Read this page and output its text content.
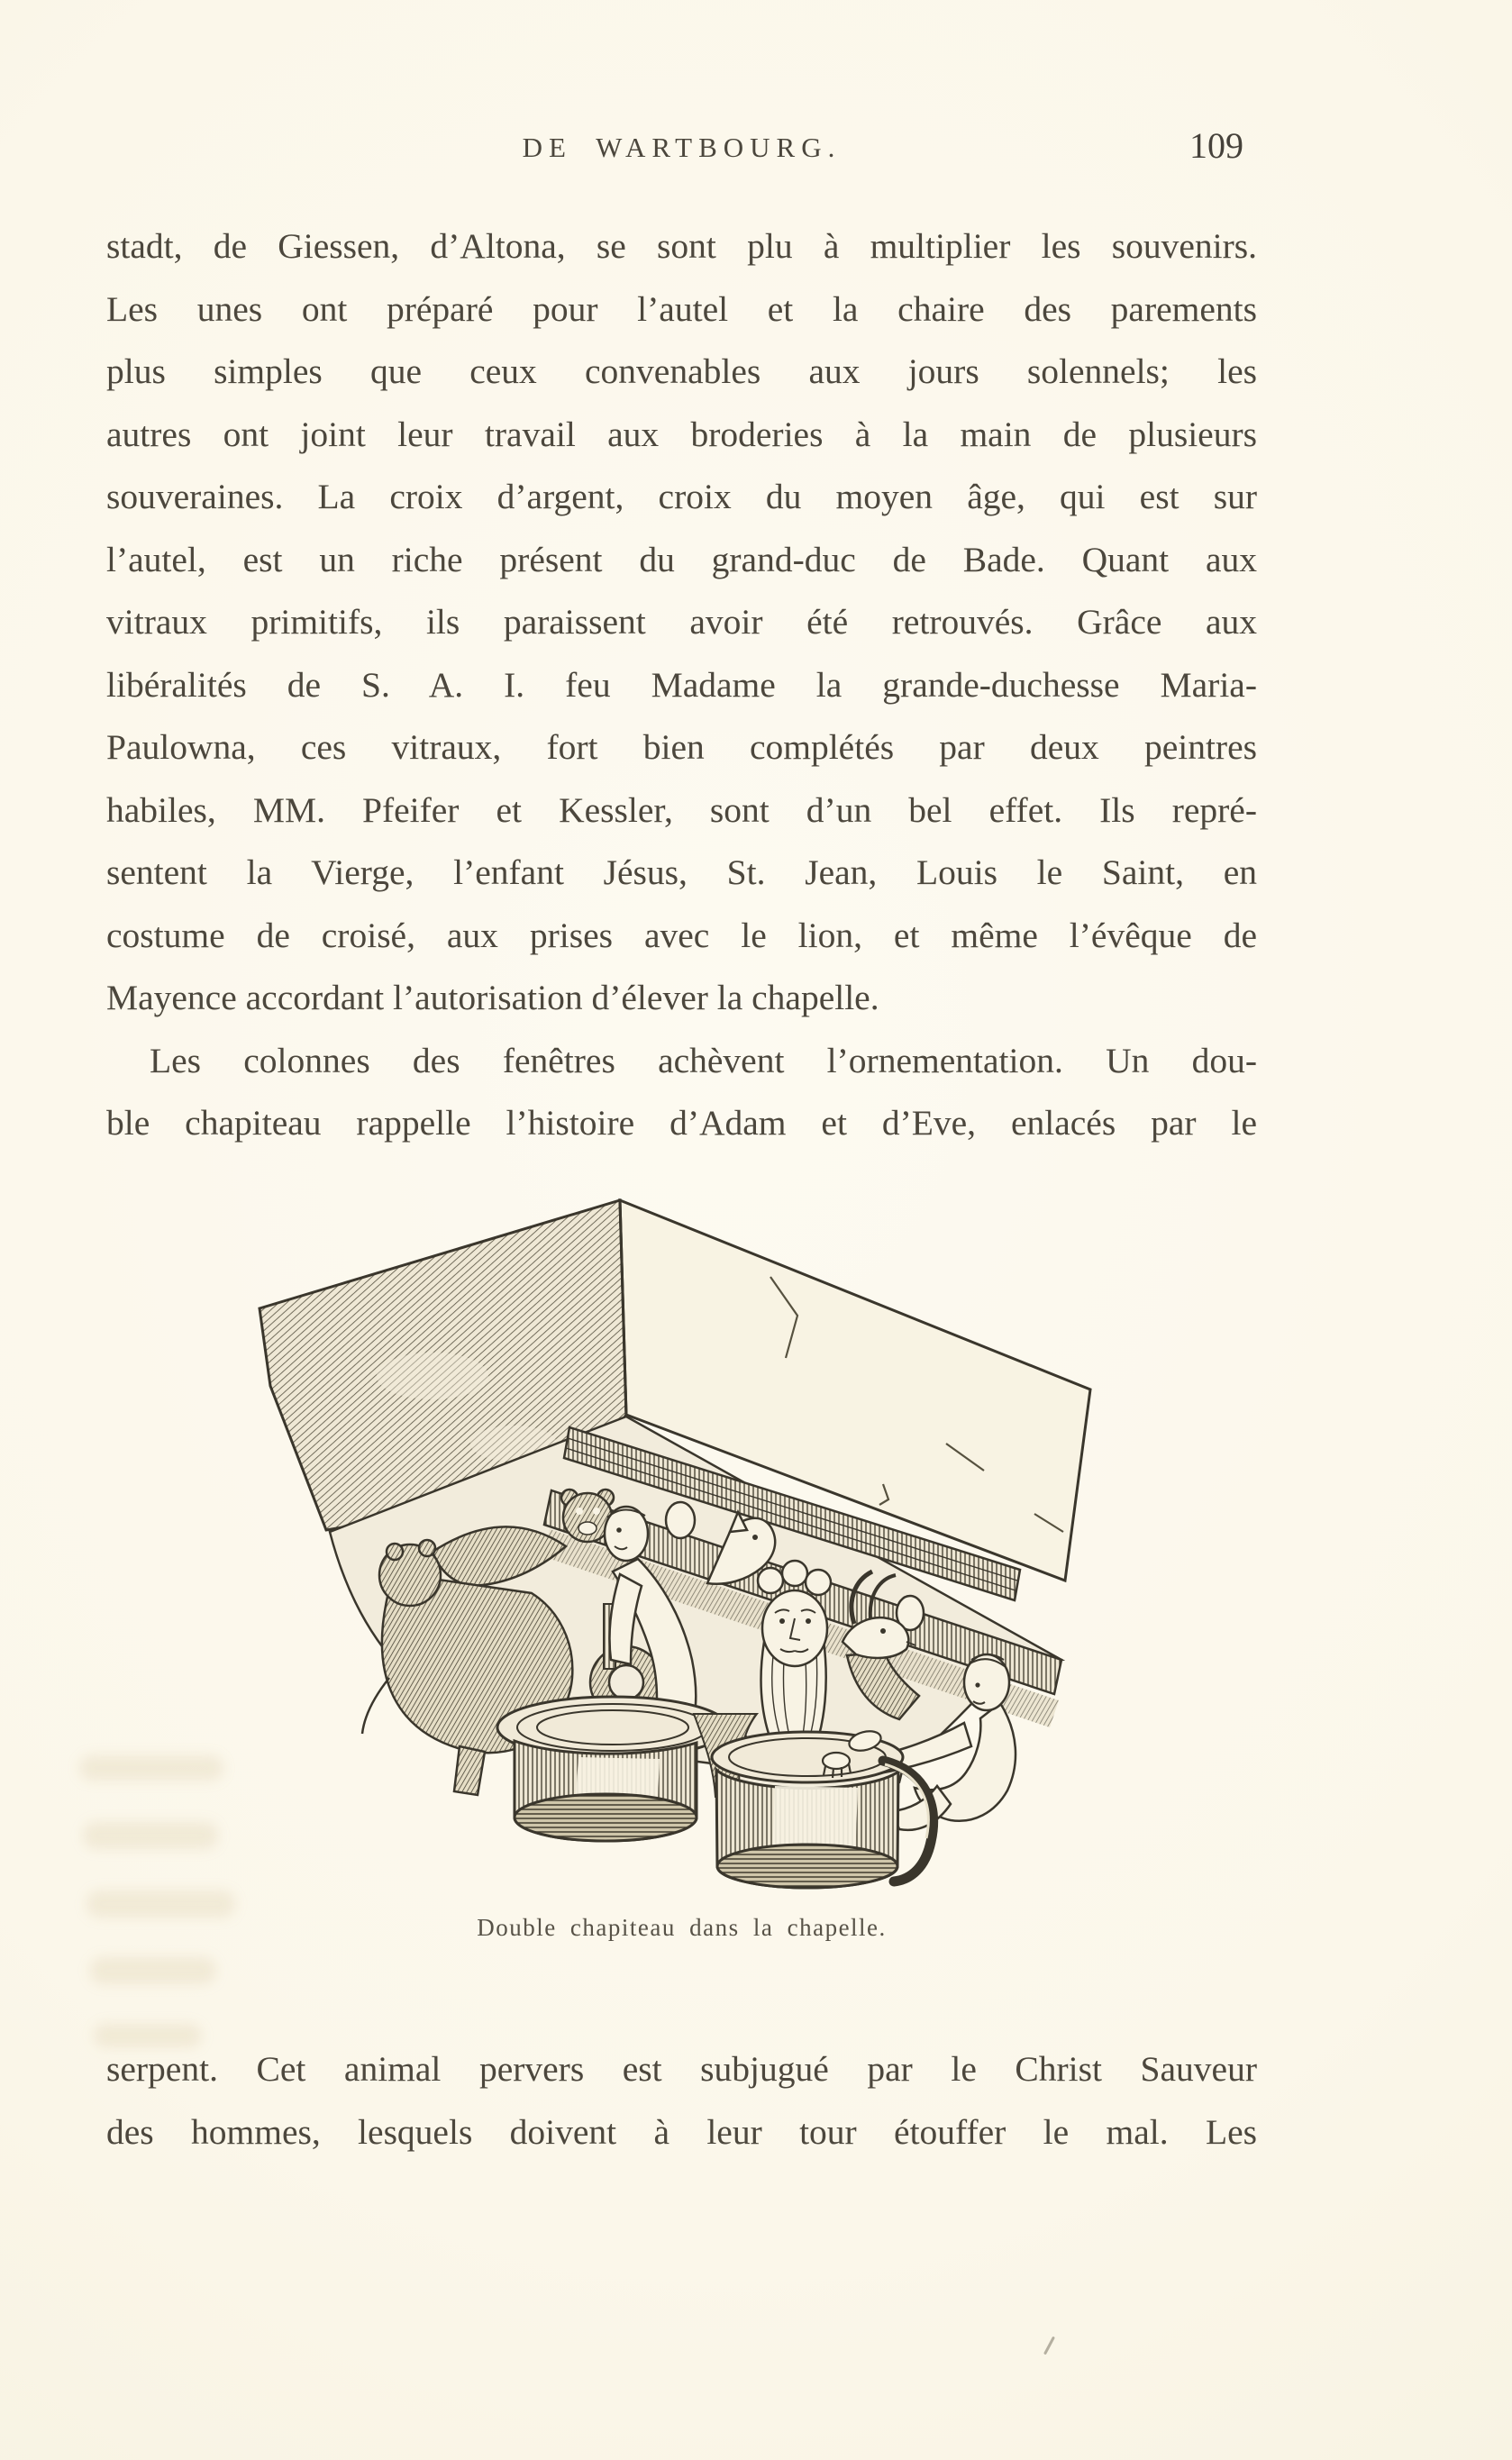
DE WARTBOURG.	109
stadt, de Giessen, d’Altona, se sont plu à multiplier les souvenirs.
Les unes ont préparé pour l’autel et la chaire des parements
plus simples que ceux convenables aux jours solennels; les
autres ont joint leur travail aux broderies à la main de plusieurs
souveraines. La croix d’argent, croix du moyen âge, qui est sur
l’autel, est un riche présent du grand-duc de Bade. Quant aux
vitraux primitifs, ils paraissent avoir été retrouvés. Grâce aux
libéralités de S. A. I. feu Madame la grande-duchesse Maria-
Paulowna, ces vitraux, fort bien complétés par deux peintres
habiles, MM. Pfeifer et Kessler, sont d’un bel effet. Ils repré-
sentent la Vierge, l’enfant Jésus, St. Jean, Louis le Saint, en
costume de croisé, aux prises avec le lion, et même l’évêque de
Mayence accordant l’autorisation d’élever la chapelle.
Les colonnes des fenêtres achèvent l’ornementation. Un dou-
ble chapiteau rappelle l’histoire d’Adam et d’Eve, enlacés par le
Double chapiteau dans la chapelle.
serpent. Cet animal pervers est subjugué par le Christ Sauveur
des hommes, lesquels doivent à leur tour étouffer le mal. Les
